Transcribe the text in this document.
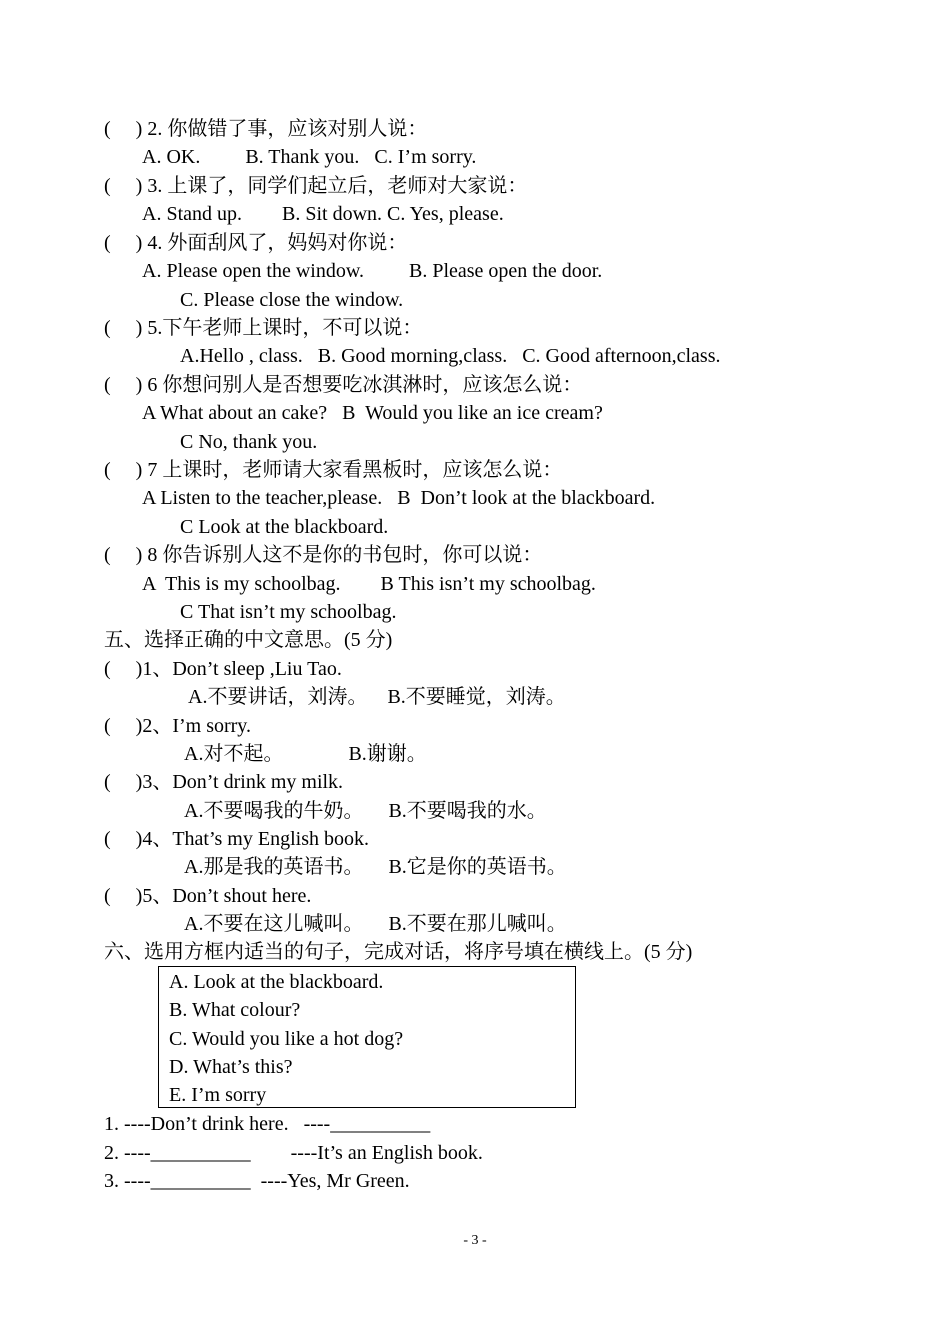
(     ) 2. 你做错了事，应该对别人说：
A. OK.         B. Thank you.   C. I’m sorry.
(     ) 3. 上课了，同学们起立后，老师对大家说：
A. Stand up.        B. Sit down. C. Yes, please.
(     ) 4. 外面刮风了，妈妈对你说：
A. Please open the window.         B. Please open the door.
C. Please close the window.
(     ) 5.下午老师上课时，不可以说：
A.Hello , class.   B. Good morning,class.   C. Good afternoon,class.
(     ) 6 你想问别人是否想要吃冰淇淋时，应该怎么说：
A What about an cake?   B  Would you like an ice cream?
C No, thank you.
(     ) 7 上课时，老师请大家看黑板时，应该怎么说：
A Listen to the teacher,please.   B  Don’t look at the blackboard.
C Look at the blackboard.
(     ) 8 你告诉别人这不是你的书包时，你可以说：
A  This is my schoolbag.        B This isn’t my schoolbag.
C That isn’t my schoolbag.
五、选择正确的中文意思。(5 分)
(     )1、Don’t sleep ,Liu Tao.
A.不要讲话，刘涛。    B.不要睡觉，刘涛。
(     )2、I’m sorry.
A.对不起。             B.谢谢。
(     )3、Don’t drink my milk.
A.不要喝我的牛奶。     B.不要喝我的水。
(     )4、That’s my English book.
A.那是我的英语书。     B.它是你的英语书。
(     )5、Don’t shout here.
A.不要在这儿喊叫。     B.不要在那儿喊叫。
六、选用方框内适当的句子，完成对话，将序号填在横线上。(5 分)
A. Look at the blackboard.
B. What colour?
C. Would you like a hot dog?
D. What’s this?
E. I’m sorry
1. ----Don’t drink here.   ----__________
2. ----__________        ----It’s an English book.
3. ----__________  ----Yes, Mr Green.
- 3 -
